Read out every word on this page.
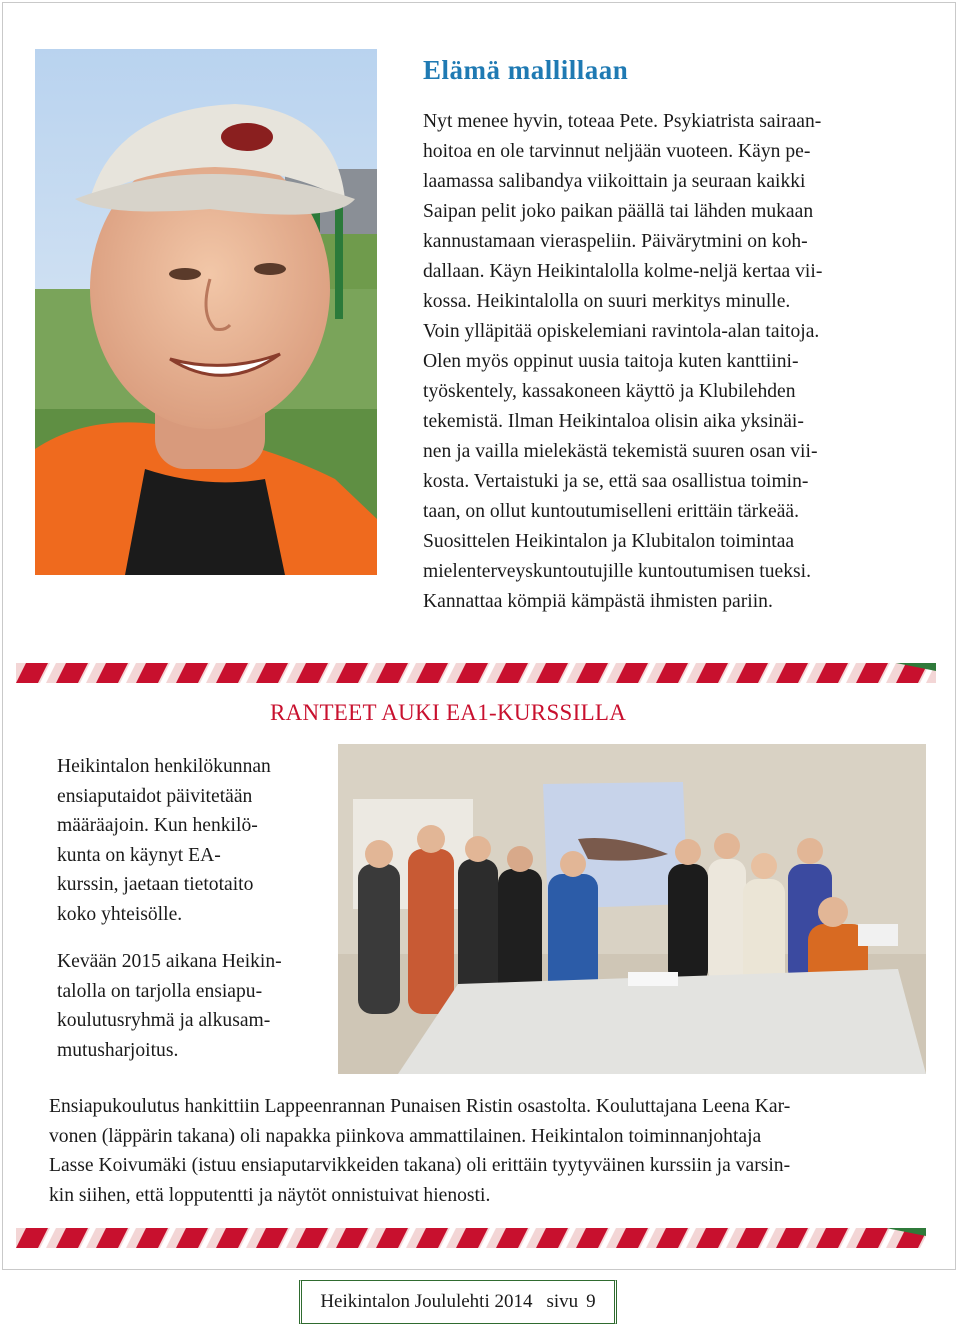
Elämä mallillaan

Nyt menee hyvin, toteaa Pete. Psykiatrista sairaan-
hoitoa en ole tarvinnut neljään vuoteen. Käyn pe-
laamassa salibandya viikoittain ja seuraan kaikki
Saipan pelit joko paikan päällä tai lähden mukaan
kannustamaan vieraspeliin. Päivärytmini on koh-
dallaan. Käyn Heikintalolla kolme-neljä kertaa vii-
kossa. Heikintalolla on suuri merkitys minulle.
Voin ylläpitää opiskelemiani ravintola-alan taitoja.
Olen myös oppinut uusia taitoja kuten kanttiini-
työskentely, kassakoneen käyttö ja Klubilehden
tekemistä. Ilman Heikintaloa olisin aika yksinäi-
nen ja vailla mielekästä tekemistä suuren osan vii-
kosta. Vertaistuki ja se, että saa osallistua toimin-
taan, on ollut kuntoutumiselleni erittäin tärkeää.
Suosittelen Heikintalon ja Klubitalon toimintaa
mielenterveyskuntoutujille kuntoutumisen tueksi.
Kannattaa kömpiä kämpästä ihmisten pariin.

RANTEET AUKI EA1-KURSSILLA

Heikintalon henkilökunnan
ensiaputaidot päivitetään
määräajoin. Kun henkilö-
kunta on käynyt EA-
kurssin, jaetaan tietotaito
koko yhteisölle.

Kevään 2015 aikana Heikin-
talolla on tarjolla ensiapu-
koulutusryhmä ja alkusam-
mutusharjoitus.

Ensiapukoulutus hankittiin Lappeenrannan Punaisen Ristin osastolta. Kouluttajana Leena Kar-
vonen (läppärin takana) oli napakka piinkova ammattilainen. Heikintalon toiminnanjohtaja
Lasse Koivumäki (istuu ensiaputarvikkeiden takana) oli erittäin tyytyväinen kurssiin ja varsin-
kin siihen, että lopputentti ja näytöt onnistuivat hienosti.

Heikintalon Joululehti 2014 sivu 9
